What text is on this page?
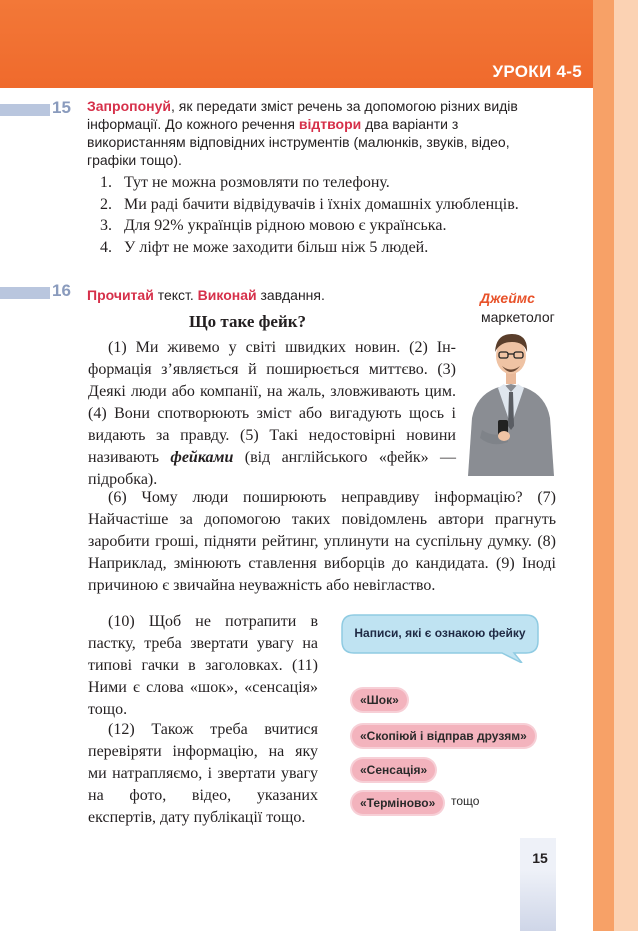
УРОКИ 4-5
15 Запропонуй, як передати зміст речень за допомогою різних видів інформації. До кожного речення відтвори два варіанти з використанням відповідних інструментів (малюнків, звуків, відео, графіки тощо).
1. Тут не можна розмовляти по телефону.
2. Ми раді бачити відвідувачів і їхніх домашніх улюбленців.
3. Для 92% українців рідною мовою є українська.
4. У ліфт не може заходити більш ніж 5 людей.
16 Прочитай текст. Виконай завдання.	Джеймс
маркетолог
Що таке фейк?
(1) Ми живемо у світі швидких новин. (2) Інформація з’являється й поширюється миттєво. (3) Деякі люди або компанії, на жаль, зловживають цим. (4) Вони спотворюють зміст або вигадують щось і видають за правду. (5) Такі недостовірні новини називають фейками (від англійського «фейк» — підробка).
(6) Чому люди поширюють неправдиву інформацію? (7) Найчастіше за допомогою таких повідомлень автори прагнуть заробити гроші, підняти рейтинг, уплинути на суспільну думку. (8) Наприклад, змінюють ставлення виборців до кандидата. (9) Іноді причиною є звичайна неуважність або невігластво.
(10) Щоб не потрапити в пастку, треба звертати увагу на типові гачки в заголовках. (11) Ними є слова «шок», «сенсація» тощо.
(12) Також треба вчитися перевіряти інформацію, на яку ми натрапляємо, і звертати увагу на фото, відео, указаних експертів, дату публікації тощо.
Написи, які є ознакою фейку
«Шок»
«Скопіюй і відправ друзям»
«Сенсація»
«Терміново»	тощо
15
